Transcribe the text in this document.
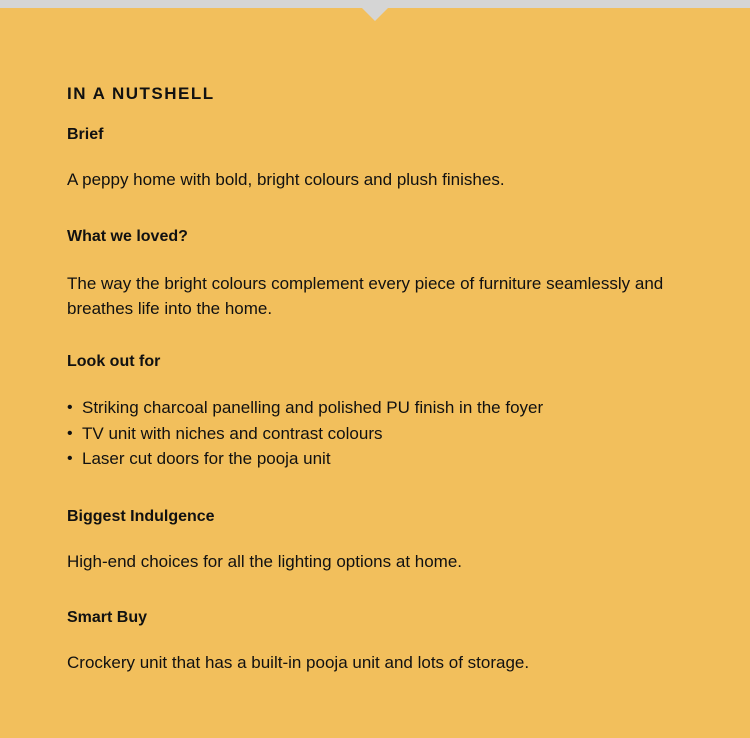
IN A NUTSHELL
Brief

A peppy home with bold, bright colours and plush finishes.

What we loved?

The way the bright colours complement every piece of furniture seamlessly and breathes life into the home.

Look out for
• Striking charcoal panelling and polished PU finish in the foyer
• TV unit with niches and contrast colours
• Laser cut doors for the pooja unit
Biggest Indulgence

High-end choices for all the lighting options at home.

Smart Buy

Crockery unit that has a built-in pooja unit and lots of storage.
